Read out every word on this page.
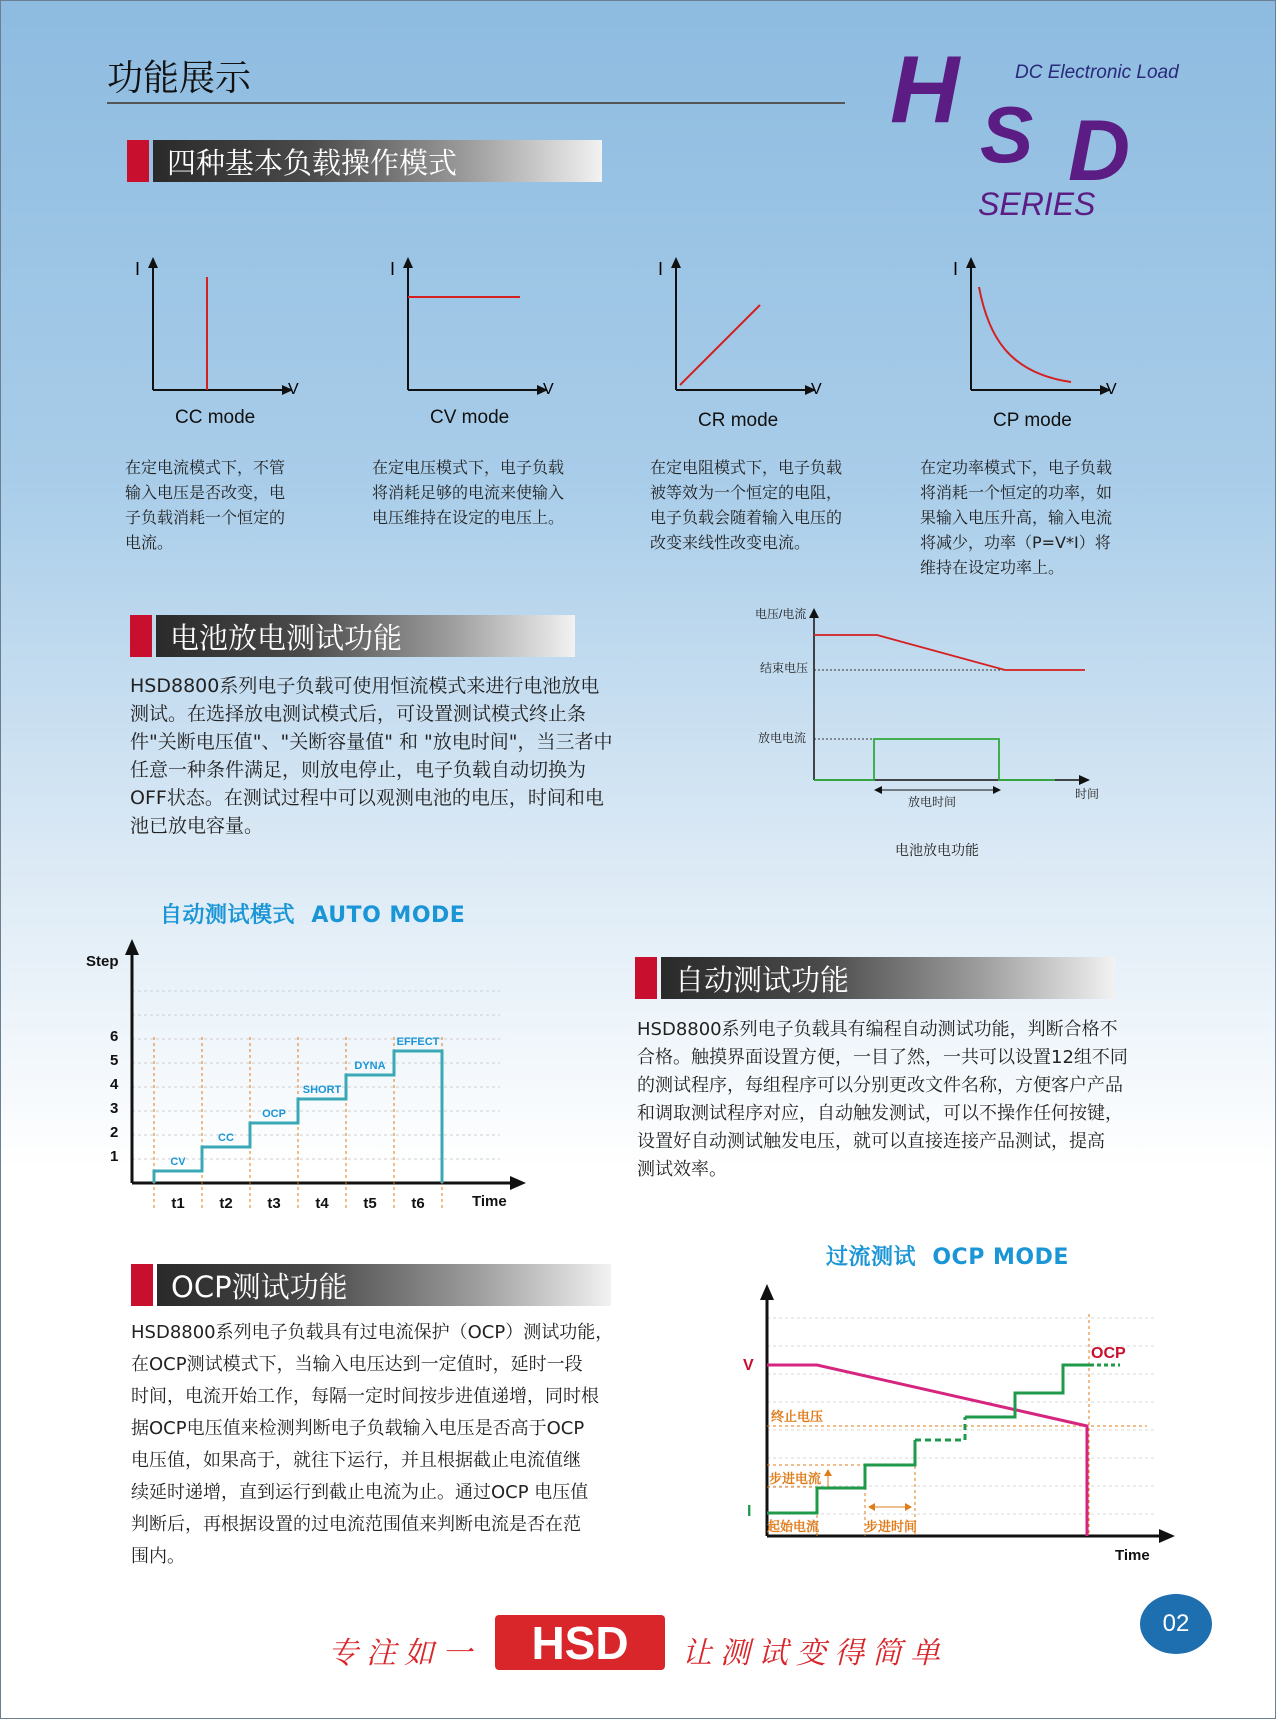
功能展示	H S D
DC Electronic Load
SERIES
四种基本负载操作模式
I
V
CC mode
I
V
CV mode
I
V
CR mode
I
V
CP mode
在定电流模式下，不管
输入电压是否改变，电
子负载消耗一个恒定的
电流。
在定电压模式下，电子负载
将消耗足够的电流来使输入
电压维持在设定的电压上。
在定电阻模式下，电子负载
被等效为一个恒定的电阻，
电子负载会随着输入电压的
改变来线性改变电流。
在定功率模式下，电子负载
将消耗一个恒定的功率，如
果输入电压升高，输入电流
将减少，功率（P=V*I）将
维持在设定功率上。
电池放电测试功能
HSD8800系列电子负载可使用恒流模式来进行电池放电
测试。在选择放电测试模式后，可设置测试模式终止条
件"关断电压值"、"关断容量值" 和 "放电时间"，当三者中
任意一种条件满足，则放电停止，电子负载自动切换为
OFF状态。在测试过程中可以观测电池的电压，时间和电
池已放电容量。
电压/电流
结束电压
放电电流
放电时间
时间
电池放电功能
自动测试模式 AUTO MODE
Step
Time
1
2
3
4
5
6
t1 t2 t3 t4 t5 t6
CV
CC
OCP
SHORT
DYNA
EFFECT
自动测试功能
HSD8800系列电子负载具有编程自动测试功能，判断合格不
合格。触摸界面设置方便，一目了然，一共可以设置12组不同
的测试程序，每组程序可以分别更改文件名称，方便客户产品
和调取测试程序对应，自动触发测试，可以不操作任何按键，
设置好自动测试触发电压，就可以直接连接产品测试，提高
测试效率。
OCP测试功能
HSD8800系列电子负载具有过电流保护（OCP）测试功能，
在OCP测试模式下，当输入电压达到一定值时，延时一段
时间，电流开始工作，每隔一定时间按步进值递增，同时根
据OCP电压值来检测判断电子负载输入电压是否高于OCP
电压值，如果高于，就往下运行，并且根据截止电流值继
续延时递增，直到运行到截止电流为止。通过OCP 电压值
判断后，再根据设置的过电流范围值来判断电流是否在范
围内。
过流测试 OCP MODE
V
I
终止电压
步进电流
起始电流	步进时间
OCP
Time
02
专注如一 HSD 让测试变得简单
